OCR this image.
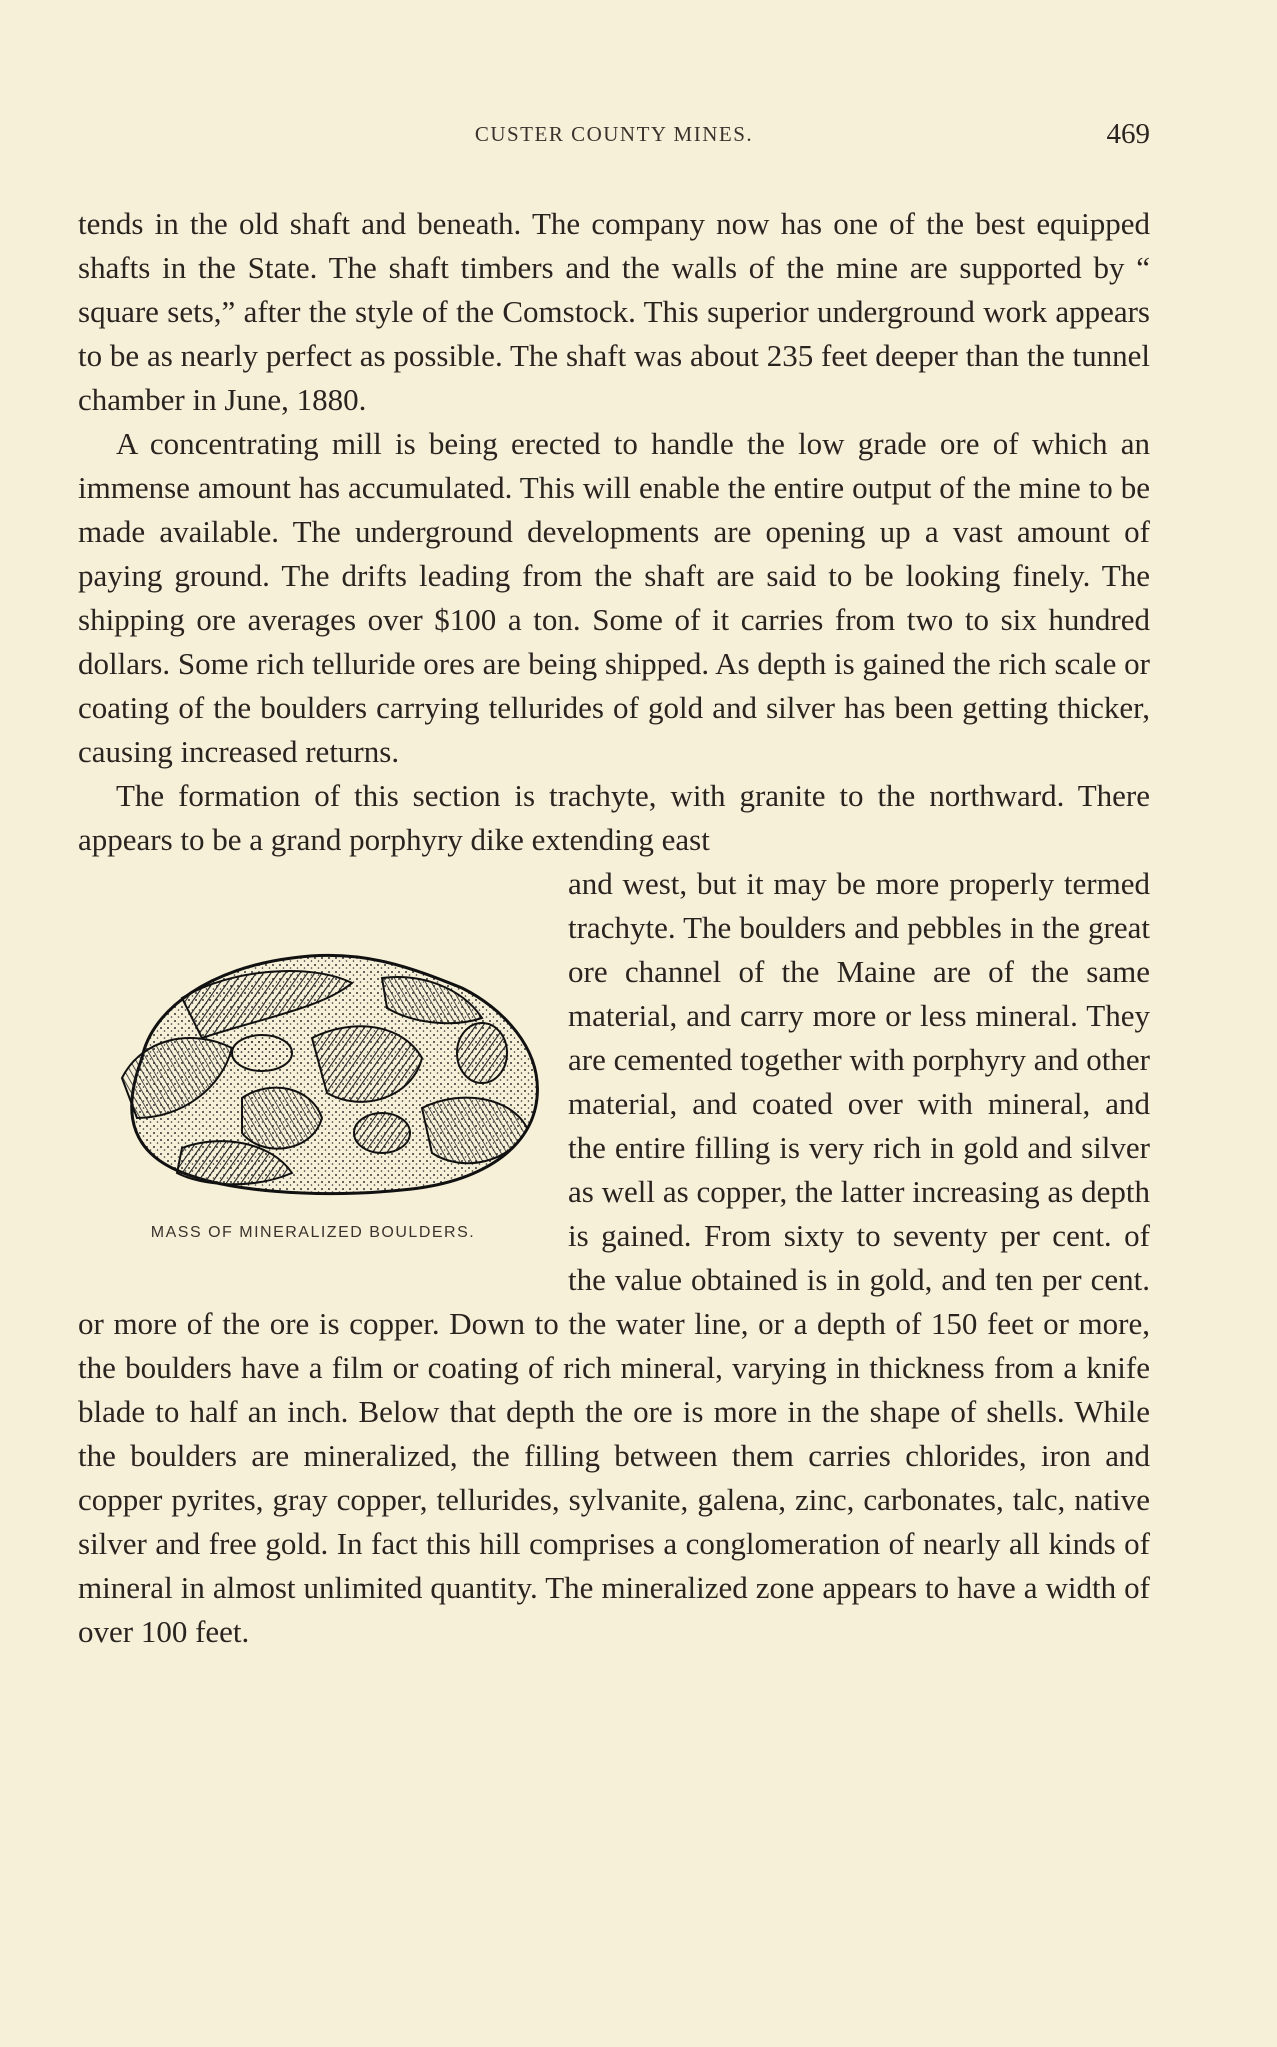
CUSTER COUNTY MINES.	469

tends in the old shaft and beneath. The company now has one of the best equipped shafts in the State. The shaft timbers and the walls of the mine are supported by “ square sets,” after the style of the Comstock. This superior underground work appears to be as nearly perfect as possible. The shaft was about 235 feet deeper than the tunnel chamber in June, 1880.

A concentrating mill is being erected to handle the low grade ore of which an immense amount has accumulated. This will enable the entire output of the mine to be made available. The underground developments are opening up a vast amount of paying ground. The drifts leading from the shaft are said to be looking finely. The shipping ore averages over $100 a ton. Some of it carries from two to six hundred dollars. Some rich telluride ores are being shipped. As depth is gained the rich scale or coating of the boulders carrying tellurides of gold and silver has been getting thicker, causing increased returns.

The formation of this section is trachyte, with granite to the northward. There appears to be a grand porphyry dike extending east

MASS OF MINERALIZED BOULDERS.

and west, but it may be more properly termed trachyte. The boulders and pebbles in the great ore channel of the Maine are of the same material, and carry more or less mineral. They are cemented together with porphyry and other material, and coated over with mineral, and the entire filling is very rich in gold and silver as well as copper, the latter increasing as depth is gained. From sixty to seventy per cent. of the value obtained is in gold, and ten per cent. or more of the ore is copper. Down to the water line, or a depth of 150 feet or more, the boulders have a film or coating of rich mineral, varying in thickness from a knife blade to half an inch. Below that depth the ore is more in the shape of shells. While the boulders are mineralized, the filling between them carries chlorides, iron and copper pyrites, gray copper, tellurides, sylvanite, galena, zinc, carbonates, talc, native silver and free gold. In fact this hill comprises a conglomeration of nearly all kinds of mineral in almost unlimited quantity. The mineralized zone appears to have a width of over 100 feet.
